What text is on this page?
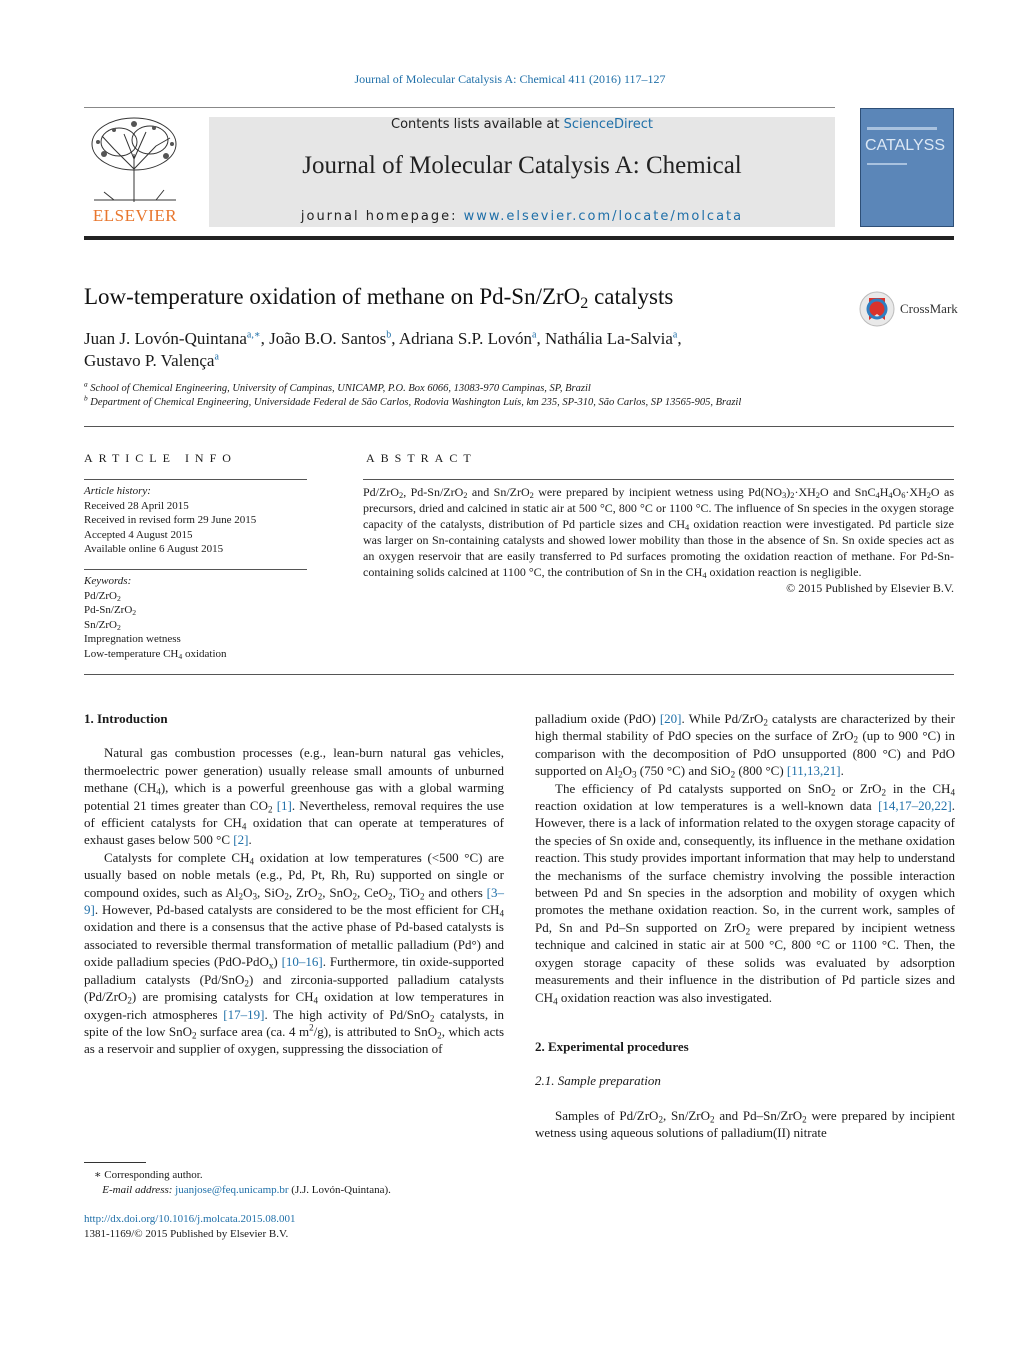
Journal of Molecular Catalysis A: Chemical 411 (2016) 117–127
Contents lists available at ScienceDirect
Journal of Molecular Catalysis A: Chemical
journal homepage: www.elsevier.com/locate/molcata
ELSEVIER
CATALYSS
Low-temperature oxidation of methane on Pd-Sn/ZrO$_2$ catalysts	CrossMark
Juan J. Lovón-Quintana$^{a,∗}$, João B.O. Santos$^b$, Adriana S.P. Lovón$^a$, Nathália La-Salvia$^a$,
Gustavo P. Valença$^a$
$^a$ School of Chemical Engineering, University of Campinas, UNICAMP, P.O. Box 6066, 13083-970 Campinas, SP, Brazil
$^b$ Department of Chemical Engineering, Universidade Federal de São Carlos, Rodovia Washington Luís, km 235, SP-310, São Carlos, SP 13565-905, Brazil
ARTICLE INFO
Article history:
Received 28 April 2015
Received in revised form 29 June 2015
Accepted 4 August 2015
Available online 6 August 2015
Keywords:
Pd/ZrO$_2$
Pd-Sn/ZrO$_2$
Sn/ZrO$_2$
Impregnation wetness
Low-temperature $CH_4$ oxidation
ABSTRACT
Pd/ZrO$_2$, Pd-Sn/ZrO$_2$ and Sn/ZrO$_2$ were prepared by incipient wetness using $Pd(NO_3)_2\cdot XH_2O$ and $SnC_4H_4O_6\cdot XH_2O$ as precursors, dried and calcined in static air at 500 °C, 800 °C or 1100 °C. The influence of Sn species in the oxygen storage capacity of the catalysts, distribution of Pd particle sizes and $CH_4$ oxidation reaction were investigated. Pd particle size was larger on Sn-containing catalysts and showed lower mobility than those in the absence of Sn. Sn oxide species act as an oxygen reservoir that are easily transferred to Pd surfaces promoting the oxidation reaction of methane. For Pd-Sn-containing solids calcined at 1100 °C, the contribution of Sn in the $CH_4$ oxidation reaction is negligible.
© 2015 Published by Elsevier B.V.
1. Introduction

Natural gas combustion processes (e.g., lean-burn natural gas vehicles, thermoelectric power generation) usually release small amounts of unburned methane $(CH_4)$, which is a powerful greenhouse gas with a global warming potential 21 times greater than $CO_2$ [1]. Nevertheless, removal requires the use of efficient catalysts for $CH_4$ oxidation that can operate at temperatures of exhaust gases below 500 °C [2].

Catalysts for complete $CH_4$ oxidation at low temperatures (<500 °C) are usually based on noble metals (e.g., Pd, Pt, Rh, Ru) supported on single or compound oxides, such as $Al_2O_3$, SiO$_2$, ZrO$_2$, SnO$_2$, CeO$_2$, TiO$_2$ and others [3–9]. However, Pd-based catalysts are considered to be the most efficient for $CH_4$ oxidation and there is a consensus that the active phase of Pd-based catalysts is associated to reversible thermal transformation of metallic palladium (Pd°) and oxide palladium species (PdO-PdO$_x$) [10–16]. Furthermore, tin oxide-supported palladium catalysts (Pd/SnO$_2$) and zirconia-supported palladium catalysts (Pd/ZrO$_2$) are promising catalysts for $CH_4$ oxidation at low temperatures in oxygen-rich atmospheres [17–19]. The high activity of Pd/SnO$_2$ catalysts, in spite of the low SnO$_2$ surface area (ca. 4 $m^2/g$), is attributed to SnO$_2$, which acts as a reservoir and supplier of oxygen, suppressing the dissociation of

palladium oxide (PdO) [20]. While Pd/ZrO$_2$ catalysts are characterized by their high thermal stability of PdO species on the surface of ZrO$_2$ (up to 900 °C) in comparison with the decomposition of PdO unsupported (800 °C) and PdO supported on $Al_2O_3$ (750 °C) and SiO$_2$ (800 °C) [11,13,21].

The efficiency of Pd catalysts supported on SnO$_2$ or ZrO$_2$ in the $CH_4$ reaction oxidation at low temperatures is a well-known data [14,17–20,22]. However, there is a lack of information related to the oxygen storage capacity of the species of Sn oxide and, consequently, its influence in the methane oxidation reaction. This study provides important information that may help to understand the mechanisms of the surface chemistry involving the possible interaction between Pd and Sn species in the adsorption and mobility of oxygen which promotes the methane oxidation reaction. So, in the current work, samples of Pd, Sn and Pd–Sn supported on ZrO$_2$ were prepared by incipient wetness technique and calcined in static air at 500 °C, 800 °C or 1100 °C. Then, the oxygen storage capacity of these solids was evaluated by adsorption measurements and their influence in the distribution of Pd particle sizes and $CH_4$ oxidation reaction was also investigated.

2. Experimental procedures
2.1. Sample preparation

Samples of Pd/ZrO$_2$, Sn/ZrO$_2$ and Pd–Sn/ZrO$_2$ were prepared by incipient wetness using aqueous solutions of palladium(II) nitrate

∗ Corresponding author.
E-mail address: juanjose@feq.unicamp.br (J.J. Lovón-Quintana).
http://dx.doi.org/10.1016/j.molcata.2015.08.001
1381-1169/© 2015 Published by Elsevier B.V.
